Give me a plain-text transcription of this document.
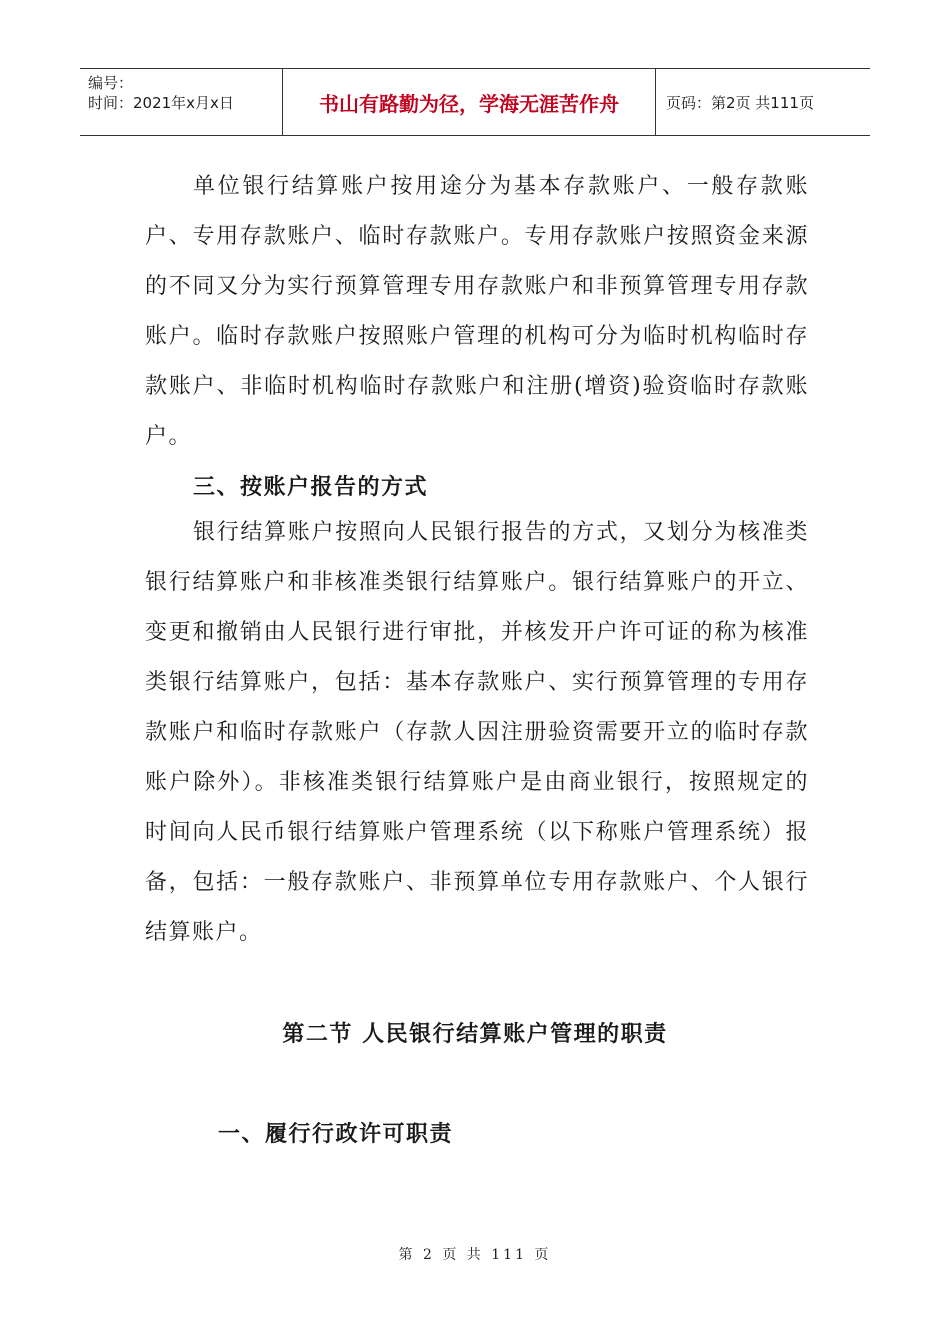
编号：
时间：2021年x月x日	书山有路勤为径，学海无涯苦作舟	页码：第2页 共111页

单位银行结算账户按用途分为基本存款账户、一般存款账户、专用存款账户、临时存款账户。专用存款账户按照资金来源的不同又分为实行预算管理专用存款账户和非预算管理专用存款账户。临时存款账户按照账户管理的机构可分为临时机构临时存款账户、非临时机构临时存款账户和注册(增资)验资临时存款账户。

三、按账户报告的方式

银行结算账户按照向人民银行报告的方式，又划分为核准类银行结算账户和非核准类银行结算账户。银行结算账户的开立、变更和撤销由人民银行进行审批，并核发开户许可证的称为核准类银行结算账户，包括：基本存款账户、实行预算管理的专用存款账户和临时存款账户（存款人因注册验资需要开立的临时存款账户除外）。非核准类银行结算账户是由商业银行，按照规定的时间向人民币银行结算账户管理系统（以下称账户管理系统）报备，包括：一般存款账户、非预算单位专用存款账户、个人银行结算账户。

第二节 人民银行结算账户管理的职责

一、履行行政许可职责

第 2 页 共 111 页
